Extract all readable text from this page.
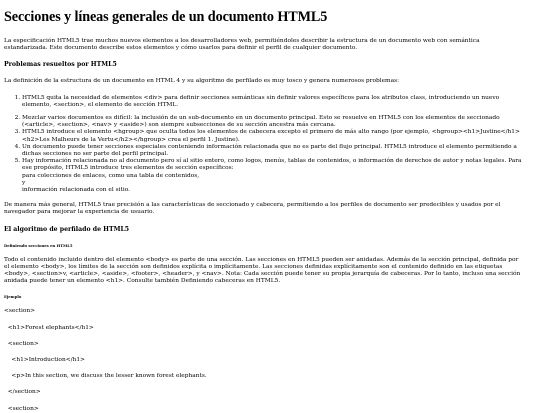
Secciones y líneas generales de un documento HTML5

La especificación HTML5 trae muchos nuevos elementos a los desarrolladores web, permitiéndoles describir la estructura de un documento web con semántica estandarizada. Este documento describe estos elementos y cómo usarlos para definir el perfil de cualquier documento.

Problemas resueltos por HTML5

La definición de la estructura de un documento en HTML 4 y su algoritmo de perfilado es muy tosco y genera numerosos problemas:

1. HTML5 quita la necesidad de elementos <div> para definir secciones semánticas sin definir valores específicos para los atributos class, introduciendo un nuevo elemento, <section>, el elemento de sección HTML.
2. Mezclar varios documentos es difícil: la inclusión de un sub-documento en un documento principal. Esto se resuelve en HTML5 con los elementos de seccionado (<article>, <section>, <nav> y <aside>) son siempre subsecciones de su sección ancestra más cercana.
3. HTML5 introduce el elemento <hgroup> que oculta todos los elementos de cabecera excepto el primero de más alto rango (por ejemplo, <hgroup><h1>Justine</h1><h2>Les Malheurs de la Vertu</h2></hgroup> crea el perfil 1. Justine).
4. Un documento puede tener secciones especiales conteniendo información relacionada que no es parte del flujo principal. HTML5 introduce el elemento permitiendo a dichas secciones no ser parte del perfil principal.
5. Hay información relacionada no al documento pero sí al sitio entero, como logos, menús, tablas de contenidos, o información de derechos de autor y notas legales. Para ese propósito, HTML5 introduce tres elementos de sección específicos:
para colecciones de enlaces, como una tabla de contenidos,
y
información relacionada con el sitio.

De manera más general, HTML5 trae precisión a las características de seccionado y cabecera, permitiendo a los perfiles de documento ser predecibles y usados por el navegador para mejorar la experiencia de usuario.

El algoritmo de perfilado de HTML5
Definiendo secciones en HTML5

Todo el contenido incluido dentro del elemento <body> es parte de una sección. Las secciones en HTML5 pueden ser anidadas. Además de la sección principal, definida por el elemento <body>, los límites de la sección son definidos explícita o implícitamente. Las secciones definidas explícitamente son el contenido definido en las etiquetas <body>, <section>v, <article>, <aside>, <footer>, <header>, y <nav>. Nota: Cada sección puede tener su propia jerarquía de cabeceras. Por lo tanto, incluso una sección anidada puede tener un elemento <h1>. Consulte también Definiendo cabeceras en HTML5.

Ejemplo
<section>
<h1>Forest elephants</h1>
<section>
<h1>Introduction</h1>
<p>In this section, we discuss the lesser known forest elephants.
</section>
<section>
